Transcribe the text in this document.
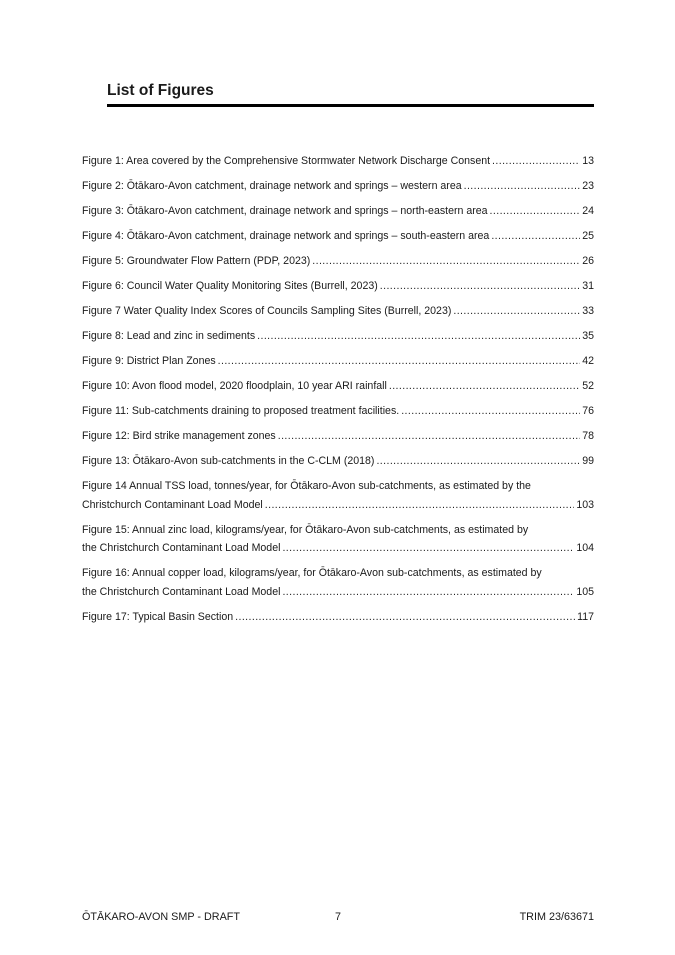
List of Figures
Figure 1: Area covered by the Comprehensive Stormwater Network Discharge Consent .....	13
Figure 2: Ōtākaro-Avon catchment, drainage network and springs – western area .....	23
Figure 3: Ōtākaro-Avon catchment, drainage network and springs – north-eastern area .....	24
Figure 4: Ōtākaro-Avon catchment, drainage network and springs – south-eastern area .....	25
Figure 5: Groundwater Flow Pattern (PDP, 2023) .....	26
Figure 6: Council Water Quality Monitoring Sites (Burrell, 2023) .....	31
Figure 7 Water Quality Index Scores of Councils Sampling Sites (Burrell, 2023) .....	33
Figure 8: Lead and zinc in sediments .....	35
Figure 9: District Plan Zones .....	42
Figure 10: Avon flood model, 2020 floodplain, 10 year ARI rainfall .....	52
Figure 11: Sub-catchments draining to proposed treatment facilities. .....	76
Figure 12: Bird strike management zones .....	78
Figure 13: Ōtākaro-Avon sub-catchments in the C-CLM (2018) .....	99
Figure 14 Annual TSS load, tonnes/year, for Ōtākaro-Avon sub-catchments, as estimated by the
Christchurch Contaminant Load Model .....	103
Figure 15: Annual zinc load, kilograms/year, for Ōtākaro-Avon sub-catchments, as estimated by
the Christchurch Contaminant Load Model .....	104
Figure 16: Annual copper load, kilograms/year, for Ōtākaro-Avon sub-catchments, as estimated by
the Christchurch Contaminant Load Model .....	105
Figure 17: Typical Basin Section .....	117
ŌTĀKARO-AVON SMP - DRAFT	7	TRIM 23/63671
